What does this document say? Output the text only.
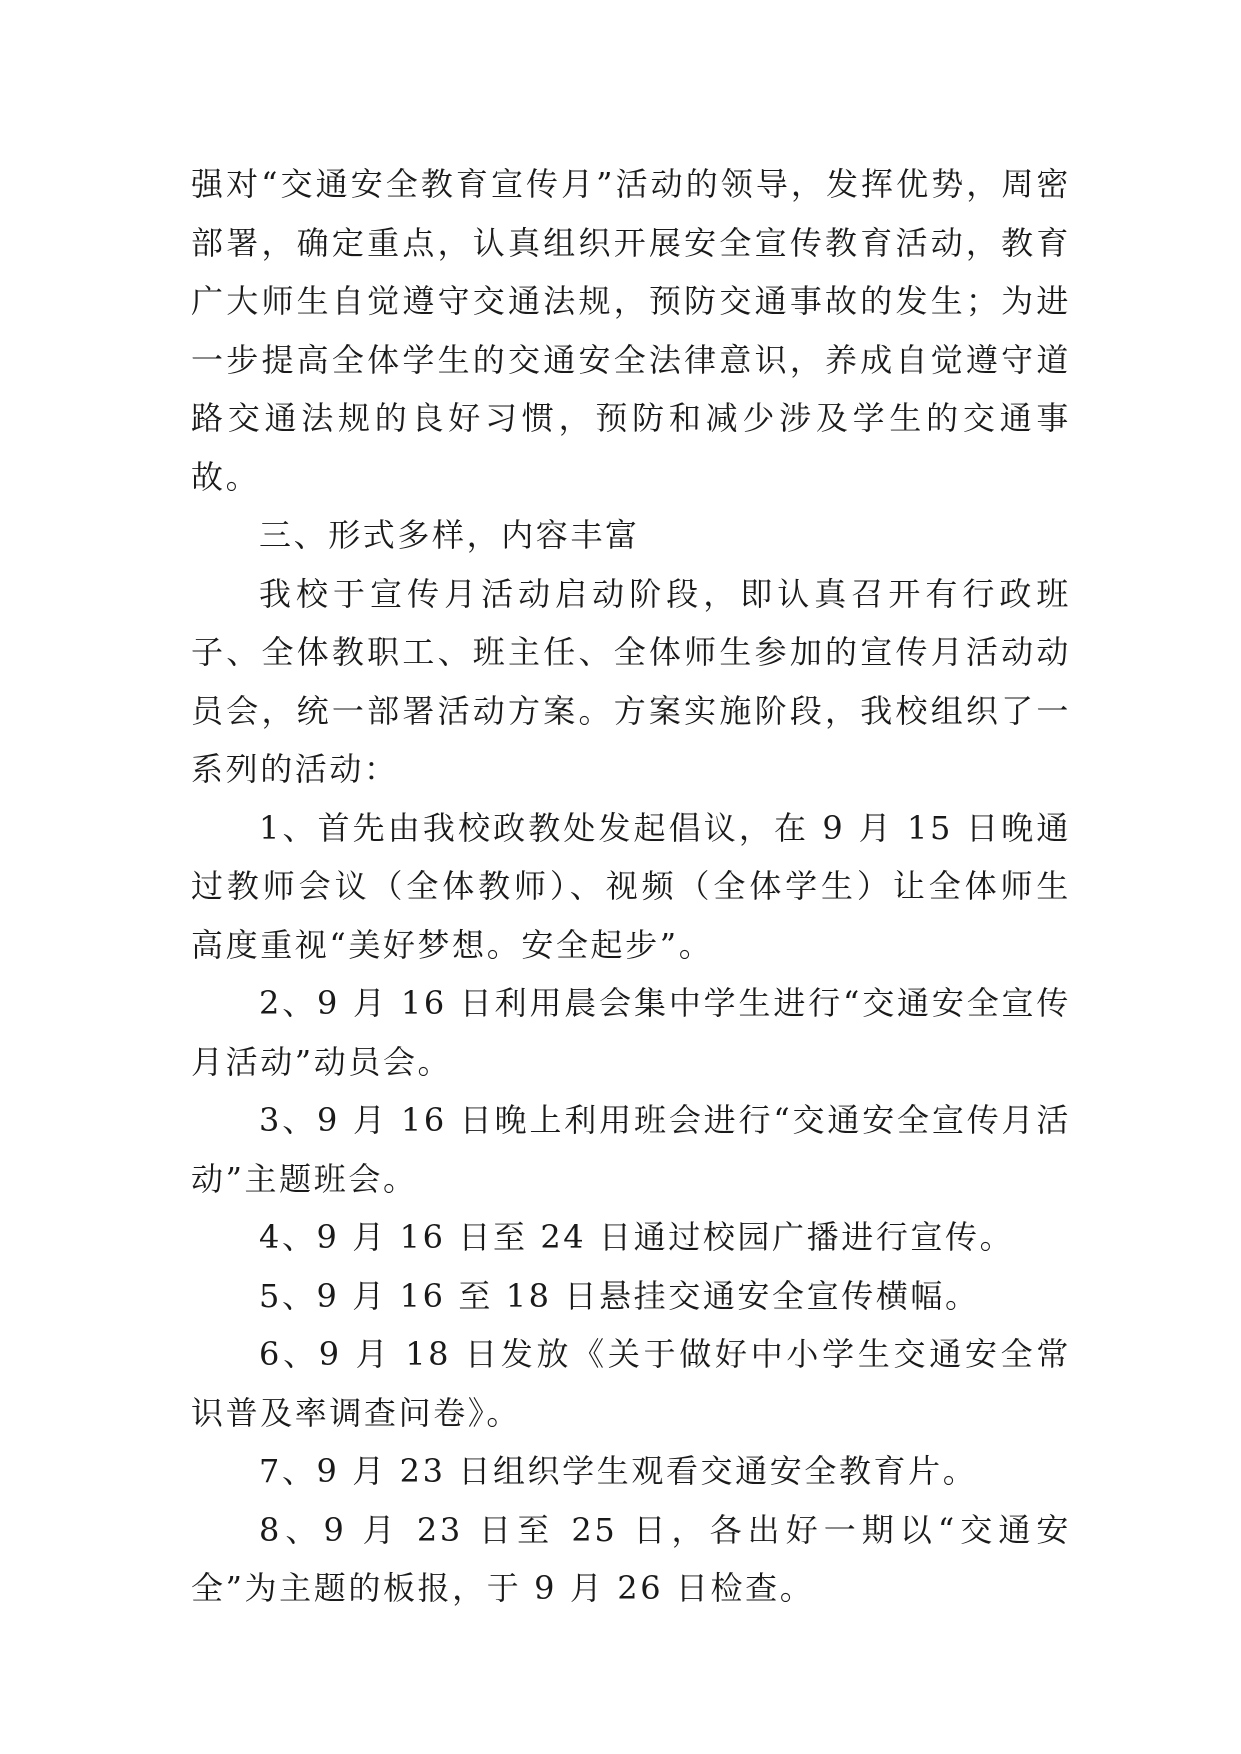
强对“交通安全教育宣传月”活动的领导，发挥优势，周密部署，确定重点，认真组织开展安全宣传教育活动，教育广大师生自觉遵守交通法规，预防交通事故的发生；为进一步提高全体学生的交通安全法律意识，养成自觉遵守道路交通法规的良好习惯，预防和减少涉及学生的交通事故。

三、形式多样，内容丰富

我校于宣传月活动启动阶段，即认真召开有行政班子、全体教职工、班主任、全体师生参加的宣传月活动动员会，统一部署活动方案。方案实施阶段，我校组织了一系列的活动：

1、首先由我校政教处发起倡议，在 9 月 15 日晚通过教师会议（全体教师）、视频（全体学生）让全体师生高度重视“美好梦想。安全起步”。

2、9 月 16 日利用晨会集中学生进行“交通安全宣传月活动”动员会。

3、9 月 16 日晚上利用班会进行“交通安全宣传月活动”主题班会。

4、9 月 16 日至 24 日通过校园广播进行宣传。

5、9 月 16 至 18 日悬挂交通安全宣传横幅。

6、9 月 18 日发放《关于做好中小学生交通安全常识普及率调查问卷》。

7、9 月 23 日组织学生观看交通安全教育片。

8、9 月 23 日至 25 日，各出好一期以“交通安全”为主题的板报，于 9 月 26 日检查。
